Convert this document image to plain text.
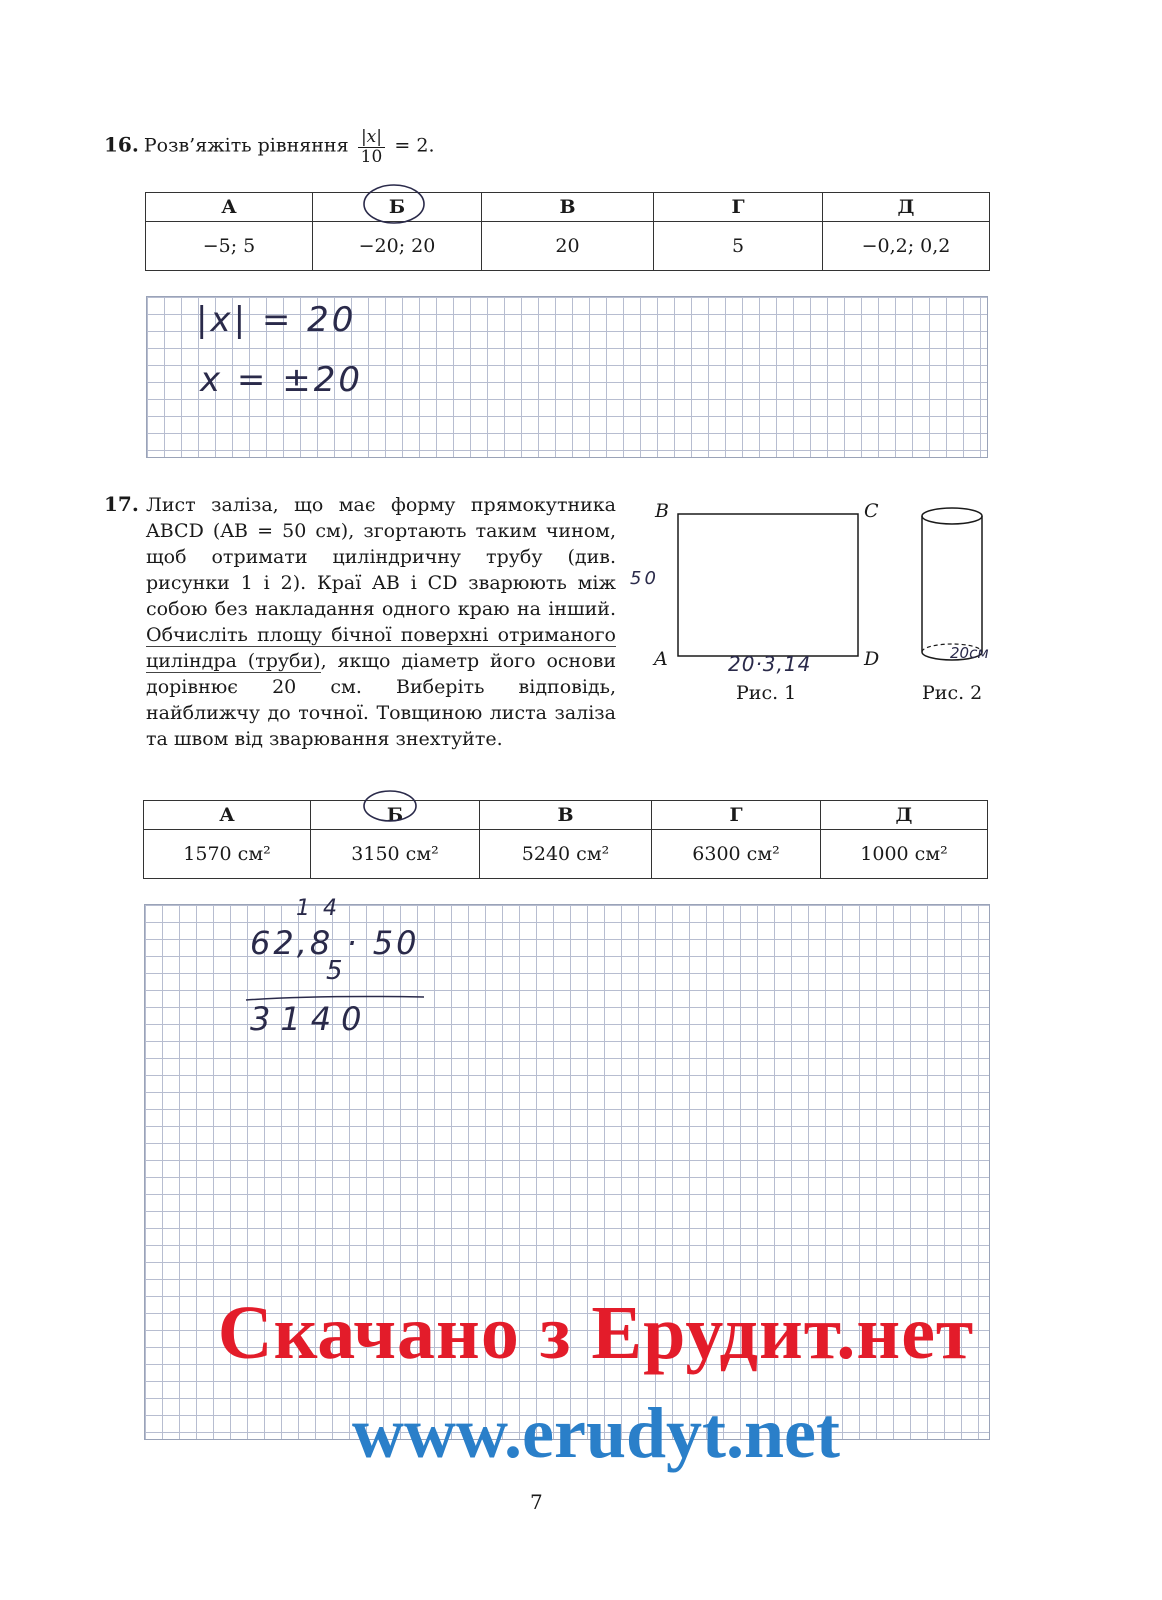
16. Розв’яжіть рівняння $\frac{|x|}{10} = 2$.
А	Б	В	Г	Д
−5; 5	−20; 20	20	5	−0,2; 0,2
|x| = 20
x = ±20
17. Лист заліза, що має форму прямокутника ABCD (AB = 50 см), згортають таким чином, щоб отримати циліндричну трубу (див. рисунки 1 і 2). Краї AB і CD зварюють між собою без накладання одного краю на інший. Обчисліть площу бічної поверхні отриманого циліндра (труби), якщо діаметр його основи дорівнює 20 см. Виберіть відповідь, найближчу до точної. Товщиною листа заліза та швом від зварювання знехтуйте.
B	C
A	D
50
20·3,14
Рис. 1
20см
Рис. 2
А	Б	В	Г	Д
1570 см²	3150 см²	5240 см²	6300 см²	1000 см²
1 4
62,8 · 50
5
3140
Скачано з Ерудит.нет
www.erudyt.net
7
